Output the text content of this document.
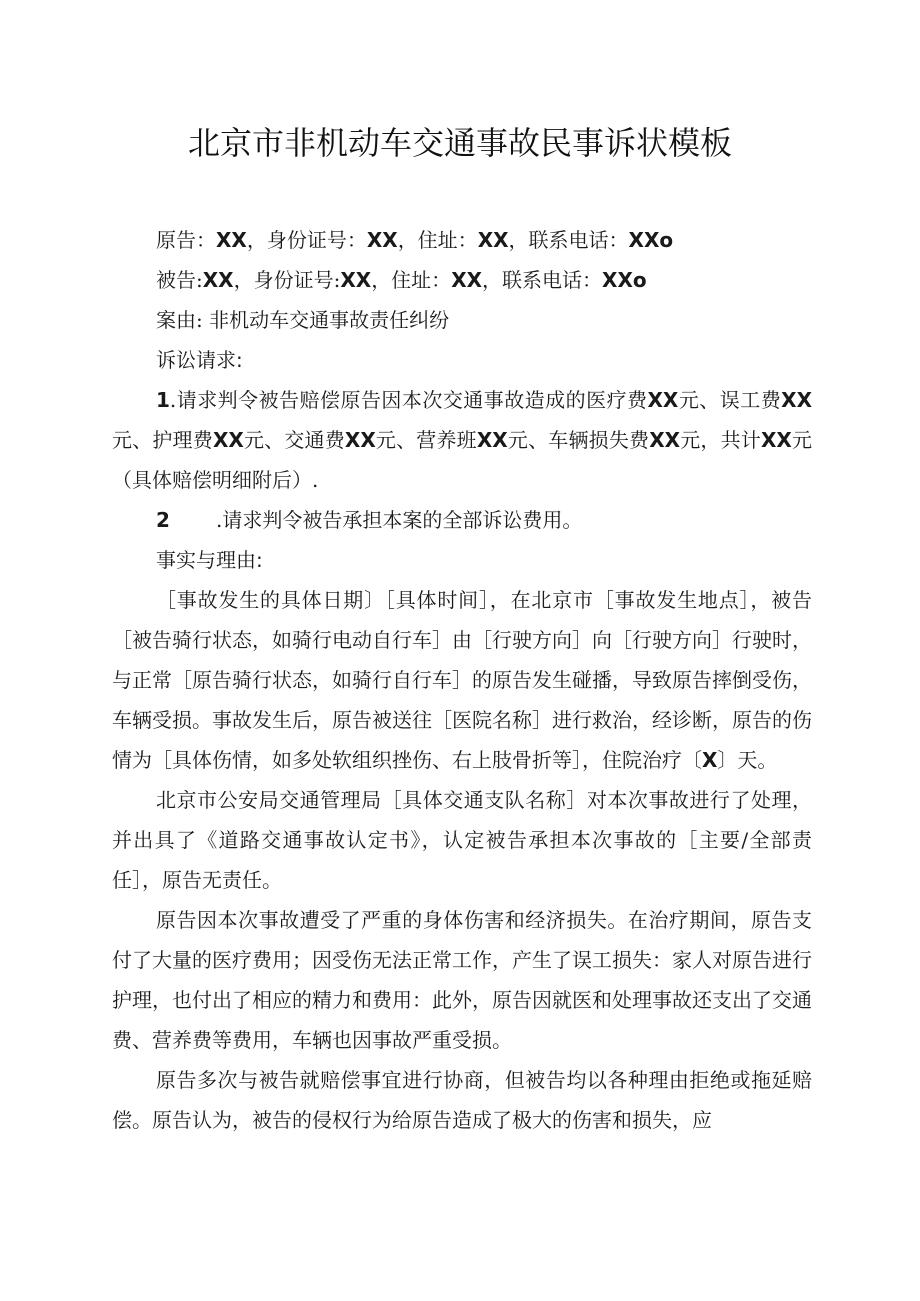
北京市非机动车交通事故民事诉状模板
原告：XX，身份证号：XX，住址：XX，联系电话：XXo
被告:XX，身份证号:XX，住址：XX，联系电话：XXo
案由: 非机动车交通事故责任纠纷
诉讼请求:
1.请求判令被告赔偿原告因本次交通事故造成的医疗费XX元、误工费XX元、护理费XX元、交通费XX元、营养班XX元、车辆损失费XX元，共计XX元（具体赔偿明细附后）.
2 .请求判令被告承担本案的全部诉讼费用。
事实与理由:
［事故发生的具体日期〕［具体时间］，在北京市［事故发生地点］，被告［被告骑行状态，如骑行电动自行车］由［行驶方向］向［行驶方向］行驶时，与正常［原告骑行状态，如骑行自行车］的原告发生碰播，导致原告摔倒受伤，车辆受损。事故发生后，原告被送往［医院名称］进行救治，经诊断，原告的伤情为［具体伤情，如多处软组织挫伤、右上肢骨折等］，住院治疗〔X〕天。
北京市公安局交通管理局［具体交通支队名称］对本次事故进行了处理，并出具了《道路交通事故认定书》，认定被告承担本次事故的［主要/全部责任］，原告无责任。
原告因本次事故遭受了严重的身体伤害和经济损失。在治疗期间，原告支付了大量的医疗费用；因受伤无法正常工作，产生了误工损失：家人对原告进行护理，也付出了相应的精力和费用：此外，原告因就医和处理事故还支出了交通费、营养费等费用，车辆也因事故严重受损。
原告多次与被告就赔偿事宜进行协商，但被告均以各种理由拒绝或拖延赔偿。原告认为，被告的侵权行为给原告造成了极大的伤害和损失，应
